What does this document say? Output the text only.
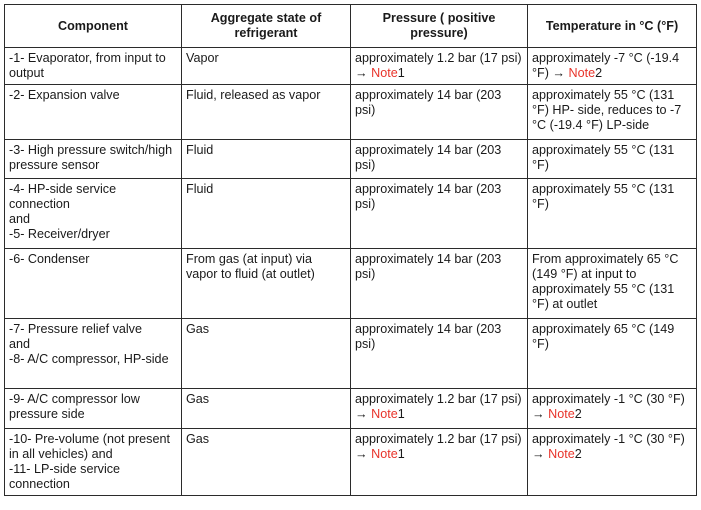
Component	Aggregate state of refrigerant	Pressure ( positive pressure)	Temperature in °C (°F)

-1- Evaporator, from input to output	Vapor	approximately 1.2 bar (17 psi) → Note1	approximately -7 °C (-19.4 °F) → Note2

-2- Expansion valve	Fluid, released as vapor	approximately 14 bar (203 psi)	approximately 55 °C (131 °F) HP- side, reduces to -7 °C (-19.4 °F) LP-side

-3- High pressure switch/high pressure sensor	Fluid	approximately 14 bar (203 psi)	approximately 55 °C (131 °F)

-4- HP-side service connection
and
-5- Receiver/dryer	Fluid	approximately 14 bar (203 psi)	approximately 55 °C (131 °F)

-6- Condenser	From gas (at input) via vapor to fluid (at outlet)	approximately 14 bar (203 psi)	From approximately 65 °C (149 °F) at input to approximately 55 °C (131 °F) at outlet

-7- Pressure relief valve
and
-8- A/C compressor, HP-side	Gas	approximately 14 bar (203 psi)	approximately 65 °C (149 °F)

-9- A/C compressor low pressure side	Gas	approximately 1.2 bar (17 psi) → Note1	approximately -1 °C (30 °F) → Note2

-10- Pre-volume (not present in all vehicles) and
-11- LP-side service connection	Gas	approximately 1.2 bar (17 psi) → Note1	approximately -1 °C (30 °F) → Note2
